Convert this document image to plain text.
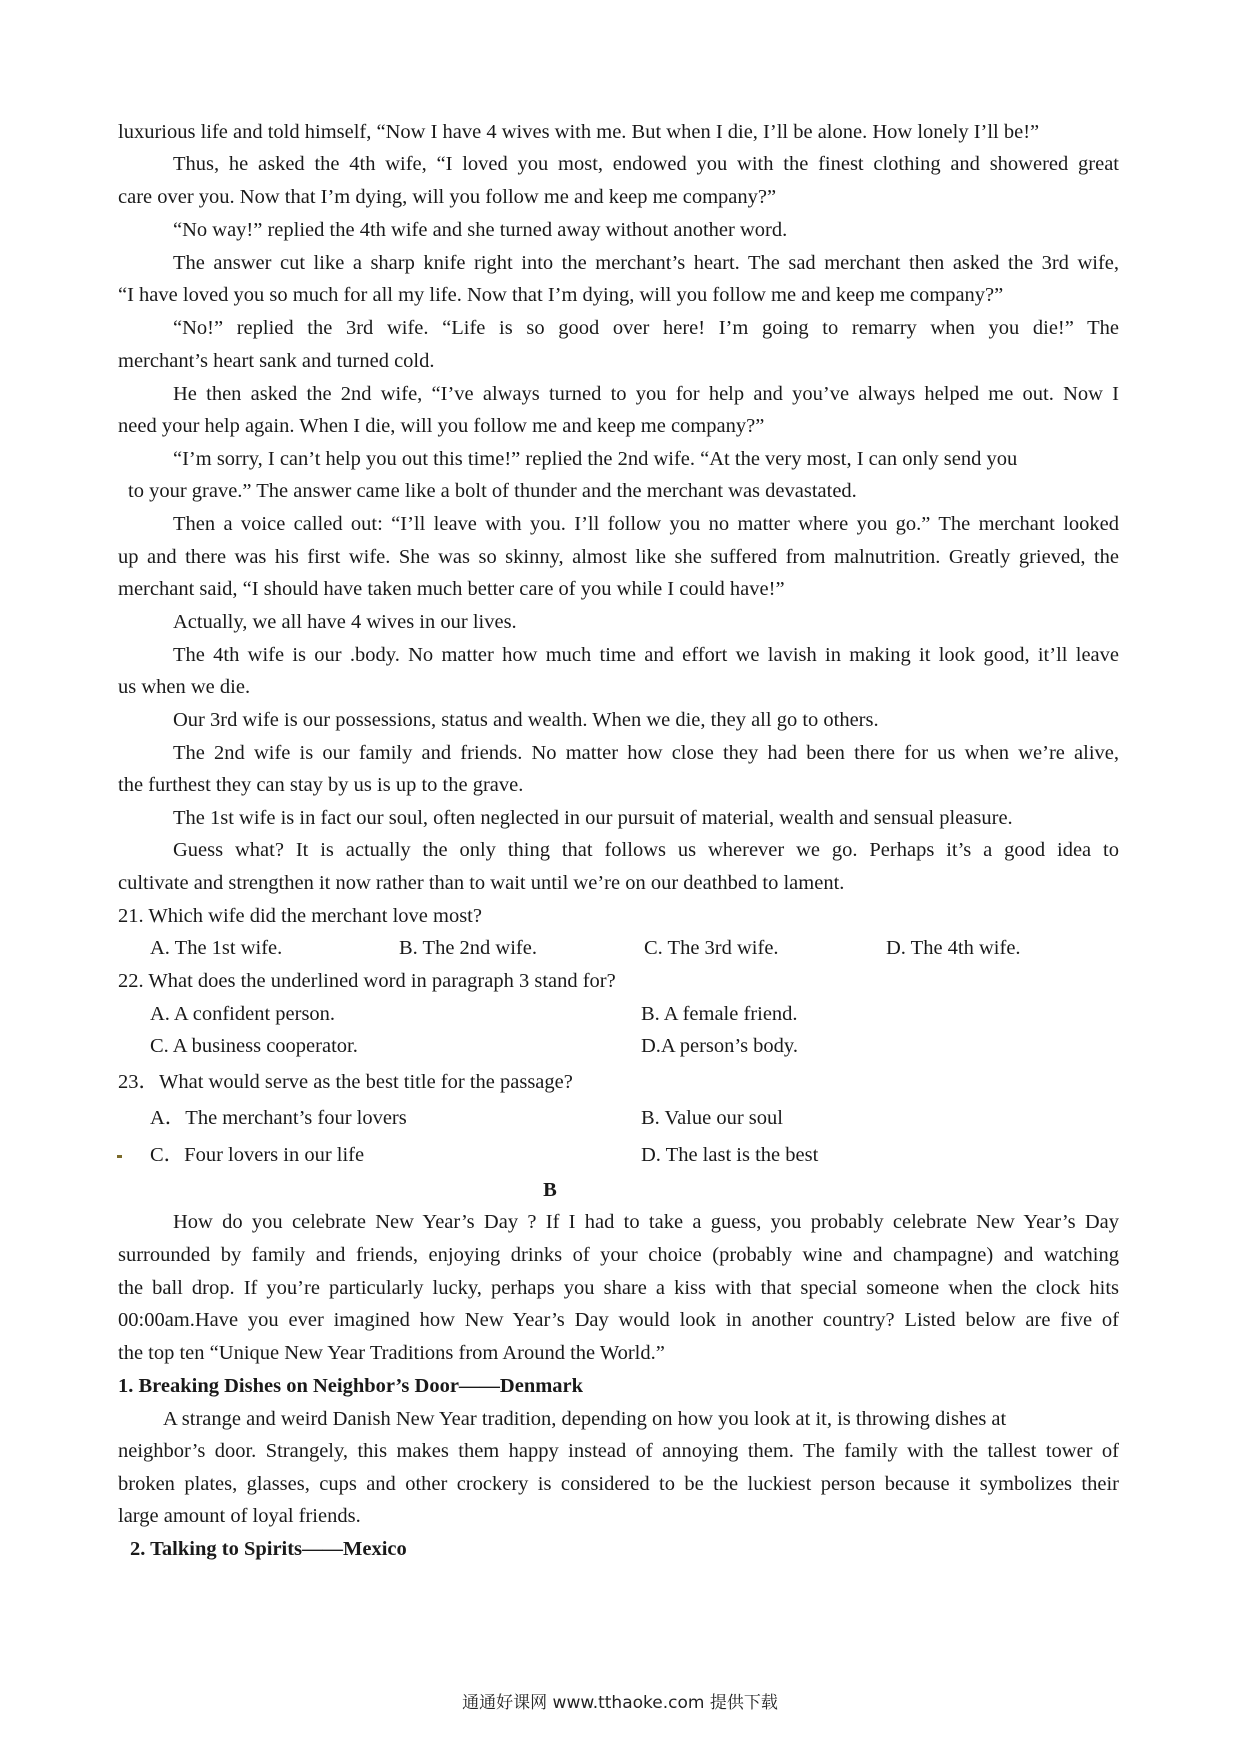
luxurious life and told himself, “Now I have 4 wives with me. But when I die, I’ll be alone. How lonely I’ll be!”
Thus, he asked the 4th wife, “I loved you most, endowed you with the finest clothing and showered great
care over you. Now that I’m dying, will you follow me and keep me company?”
“No way!” replied the 4th wife and she turned away without another word.
The answer cut like a sharp knife right into the merchant’s heart. The sad merchant then asked the 3rd wife,
“I have loved you so much for all my life. Now that I’m dying, will you follow me and keep me company?”
“No!” replied the 3rd wife. “Life is so good over here! I’m going to remarry when you die!” The
merchant’s heart sank and turned cold.
He then asked the 2nd wife, “I’ve always turned to you for help and you’ve always helped me out. Now I
need your help again. When I die, will you follow me and keep me company?”
“I’m sorry, I can’t help you out this time!” replied the 2nd wife. “At the very most, I can only send you
to your grave.” The answer came like a bolt of thunder and the merchant was devastated.
Then a voice called out: “I’ll leave with you. I’ll follow you no matter where you go.” The merchant looked
up and there was his first wife. She was so skinny, almost like she suffered from malnutrition. Greatly grieved, the
merchant said, “I should have taken much better care of you while I could have!”
Actually, we all have 4 wives in our lives.
The 4th wife is our .body. No matter how much time and effort we lavish in making it look good, it’ll leave
us when we die.
Our 3rd wife is our possessions, status and wealth. When we die, they all go to others.
The 2nd wife is our family and friends. No matter how close they had been there for us when we’re alive,
the furthest they can stay by us is up to the grave.
The 1st wife is in fact our soul, often neglected in our pursuit of material, wealth and sensual pleasure.
Guess what? It is actually the only thing that follows us wherever we go. Perhaps it’s a good idea to
cultivate and strengthen it now rather than to wait until we’re on our deathbed to lament.
21. Which wife did the merchant love most?
A. The 1st wife.	B. The 2nd wife.	C. The 3rd wife.	D. The 4th wife.
22. What does the underlined word in paragraph 3 stand for?
A. A confident person.	B. A female friend.
C. A business cooperator.	D.A person’s body.
23．What would serve as the best title for the passage?
A．The merchant’s four lovers	B. Value our soul
C．Four lovers in our life	D. The last is the best
B
How do you celebrate New Year’s Day ? If I had to take a guess, you probably celebrate New Year’s Day
surrounded by family and friends, enjoying drinks of your choice (probably wine and champagne) and watching
the ball drop. If you’re particularly lucky, perhaps you share a kiss with that special someone when the clock hits
00:00am.Have you ever imagined how New Year’s Day would look in another country? Listed below are five of
the top ten “Unique New Year Traditions from Around the World.”
1. Breaking Dishes on Neighbor’s Door——Denmark
A strange and weird Danish New Year tradition, depending on how you look at it, is throwing dishes at
neighbor’s door. Strangely, this makes them happy instead of annoying them. The family with the tallest tower of
broken plates, glasses, cups and other crockery is considered to be the luckiest person because it symbolizes their
large amount of loyal friends.
2. Talking to Spirits——Mexico
通通好课网 www.tthaoke.com 提供下载
